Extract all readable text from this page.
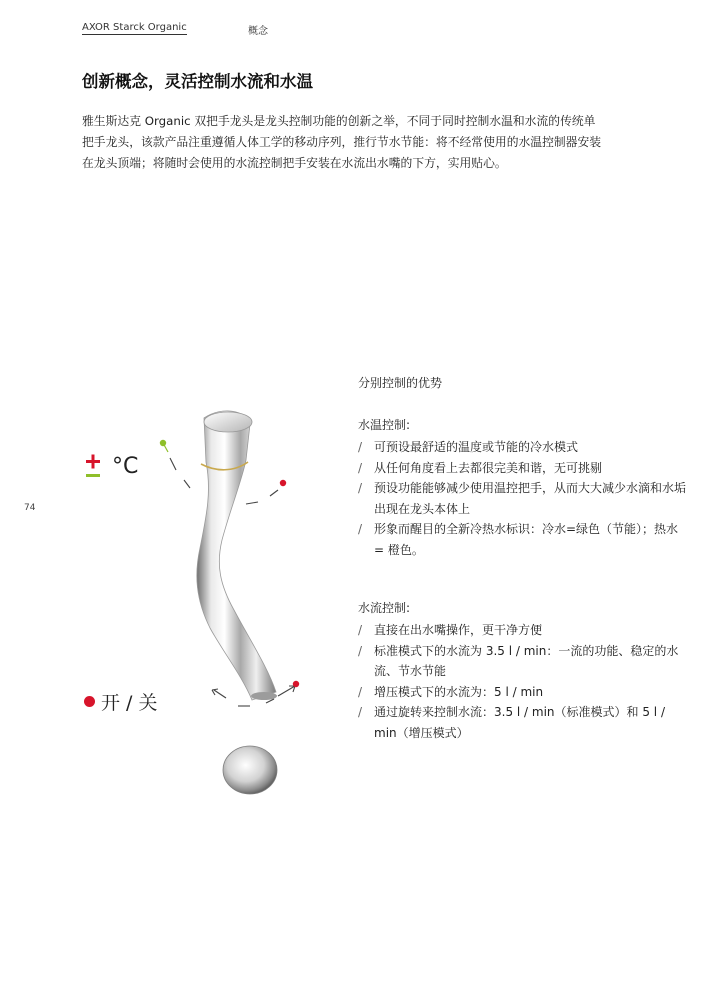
AXOR Starck Organic	概念
创新概念，灵活控制水流和水温

雅生斯达克 Organic 双把手龙头是龙头控制功能的创新之举，不同于同时控制水温和水流的传统单把手龙头，该款产品注重遵循人体工学的移动序列，推行节水节能：将不经常使用的水温控制器安装在龙头顶端；将随时会使用的水流控制把手安装在水流出水嘴的下方，实用贴心。

74
°C
开 / 关

分别控制的优势

水温控制:

/ 可预设最舒适的温度或节能的冷水模式
/ 从任何角度看上去都很完美和谐，无可挑剔
/ 预设功能能够减少使用温控把手，从而大大减少水滴和水垢出现在龙头本体上
/ 形象而醒目的全新冷热水标识：冷水=绿色（节能）；热水 = 橙色。

水流控制:

/ 直接在出水嘴操作，更干净方便
/ 标准模式下的水流为 3.5 l / min：一流的功能、稳定的水流、节水节能
/ 增压模式下的水流为：5 l / min
/ 通过旋转来控制水流：3.5 l / min（标准模式）和 5 l / min（增压模式）
